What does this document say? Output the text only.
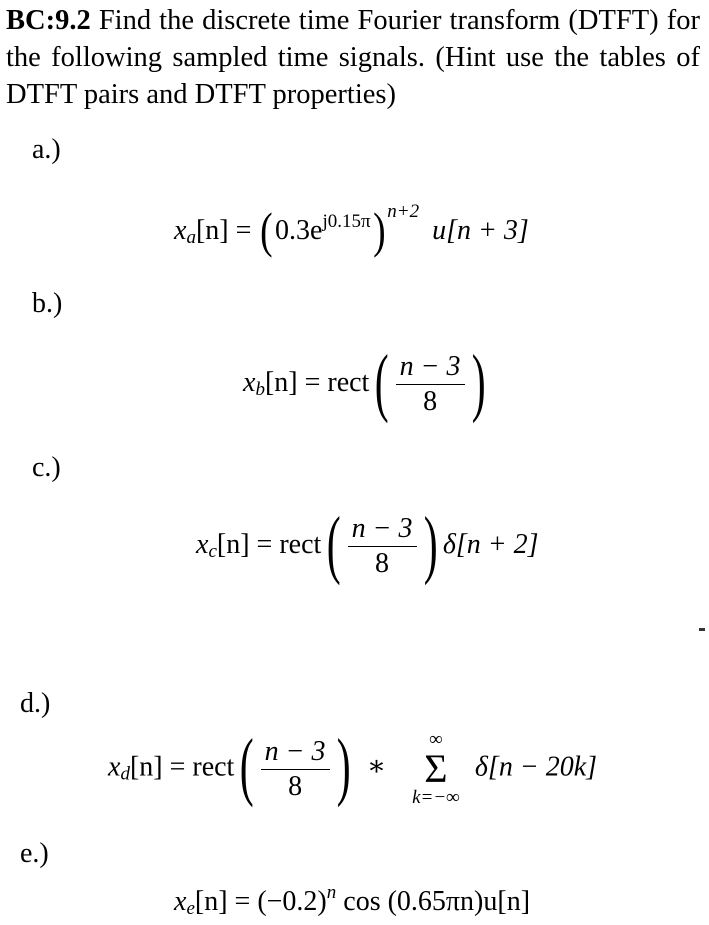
BC:9.2 Find the discrete time Fourier transform (DTFT) for the following sampled time signals. (Hint use the tables of DTFT pairs and DTFT properties)
a.)
$x_a[n] = (0.3e^{j0.15\pi})$ $^{n+2}$ u[n + 3]
b.)
$x_b[n]$ = rect( $\frac{n - 3}{8}$ )
c.)
$x_c[n]$ = rect( $\frac{n - 3}{8}$ ) δ[n + 2]
d.)
$x_d[n]$ = rect( $\frac{n - 3}{8}$ ) ∗
∞
Σ
k=−∞
δ[n − 20k]
e.)
$x_e[n] = (-0.2)^n$ cos (0.65πn)u[n]
